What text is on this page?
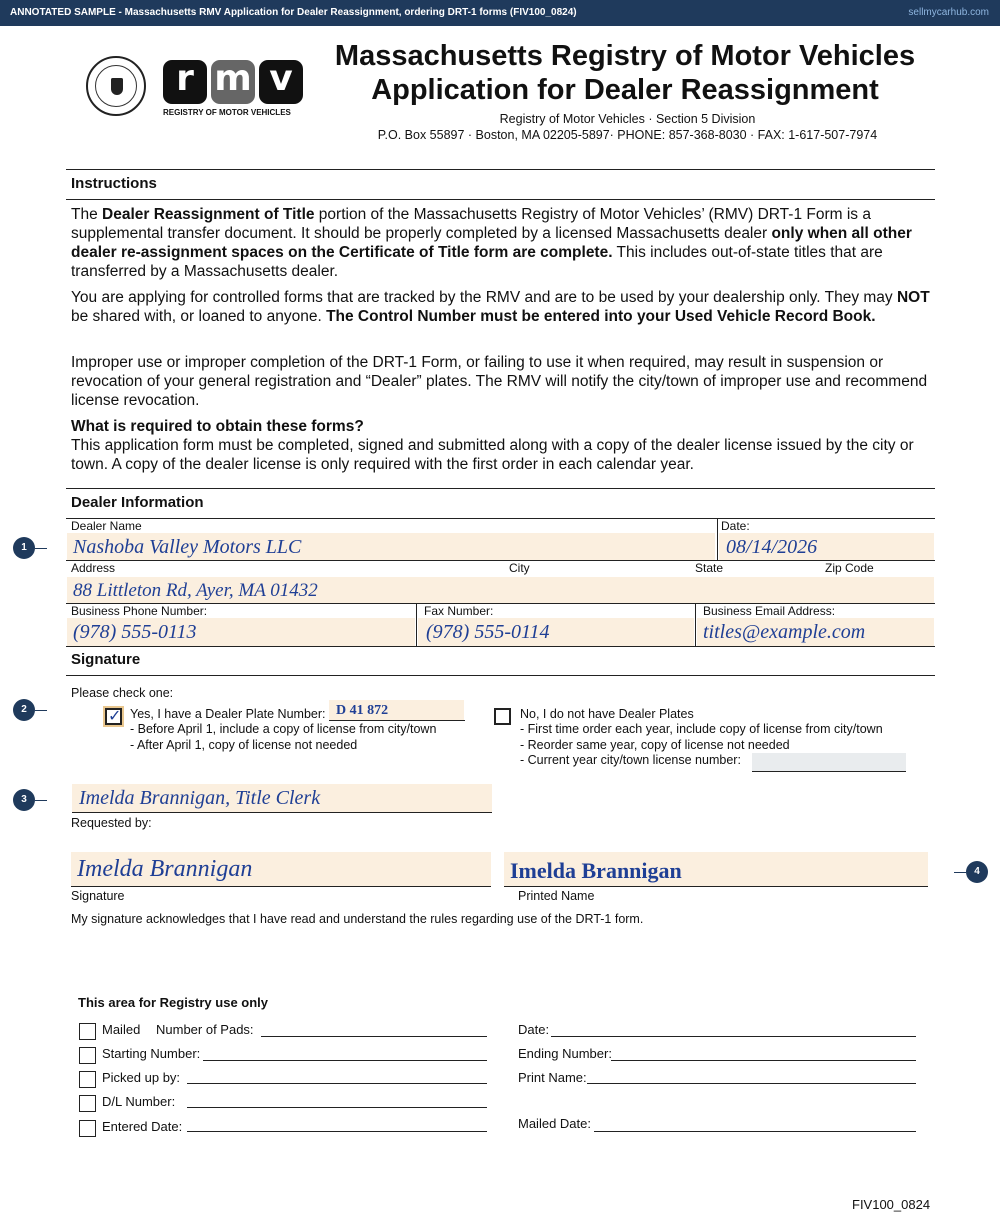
ANNOTATED SAMPLE - Massachusetts RMV Application for Dealer Reassignment, ordering DRT-1 forms (FIV100_0824)	sellmycarhub.com
r m v
REGISTRY OF MOTOR VEHICLES
Massachusetts Registry of Motor Vehicles
Application for Dealer Reassignment
Registry of Motor Vehicles · Section 5 Division
P.O. Box 55897 · Boston, MA 02205-5897· PHONE: 857-368-8030 · FAX: 1-617-507-7974
Instructions
The Dealer Reassignment of Title portion of the Massachusetts Registry of Motor Vehicles’ (RMV) DRT-1 Form is a supplemental transfer document. It should be properly completed by a licensed Massachusetts dealer only when all other dealer re-assignment spaces on the Certificate of Title form are complete. This includes out-of-state titles that are transferred by a Massachusetts dealer.
You are applying for controlled forms that are tracked by the RMV and are to be used by your dealership only. They may NOT be shared with, or loaned to anyone. The Control Number must be entered into your Used Vehicle Record Book.
Improper use or improper completion of the DRT-1 Form, or failing to use it when required, may result in suspension or revocation of your general registration and “Dealer” plates. The RMV will notify the city/town of improper use and recommend license revocation.
What is required to obtain these forms?
This application form must be completed, signed and submitted along with a copy of the dealer license issued by the city or town. A copy of the dealer license is only required with the first order in each calendar year.
Dealer Information
Dealer Name	Date:
Nashoba Valley Motors LLC	08/14/2026
Address	City	State	Zip Code
88 Littleton Rd, Ayer, MA 01432
Business Phone Number:	Fax Number:	Business Email Address:
(978) 555-0113	(978) 555-0114	titles@example.com
Signature
Please check one:
✓ Yes, I have a Dealer Plate Number: D 41 872
- Before April 1, include a copy of license from city/town
- After April 1, copy of license not needed
No, I do not have Dealer Plates
- First time order each year, include copy of license from city/town
- Reorder same year, copy of license not needed
- Current year city/town license number:
Imelda Brannigan, Title Clerk
Requested by:
Imelda Brannigan
Signature
Imelda Brannigan
Printed Name
My signature acknowledges that I have read and understand the rules regarding use of the DRT-1 form.
1
2
3
4
This area for Registry use only
Mailed Number of Pads:
Starting Number:
Picked up by:
D/L Number:
Entered Date:
Date:
Ending Number:
Print Name:
Mailed Date:
FIV100_0824
